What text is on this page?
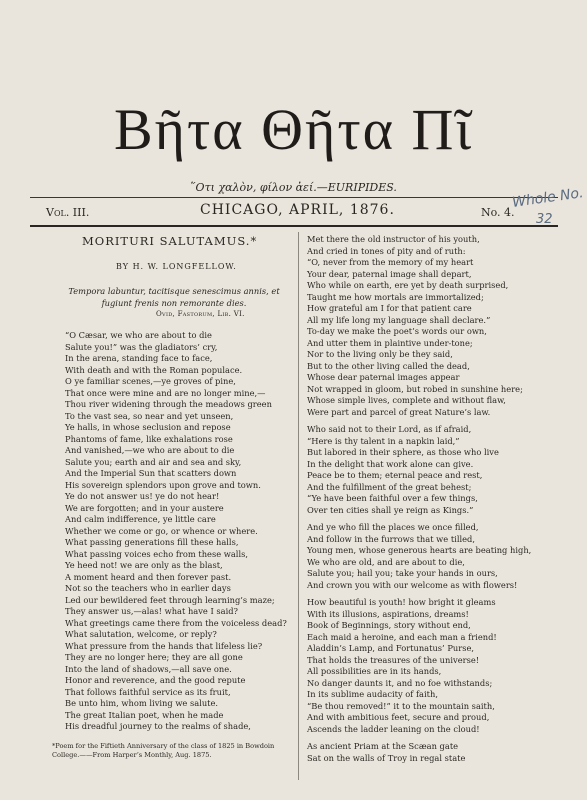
Βῆτα Θῆτα Πῖ
῞Οτι χαλὸν, φίλον ἀεί.—EURIPIDES.
Vol. III.	CHICAGO, APRIL, 1876.	No. 4.
Whole No.
32
MORITURI SALUTAMUS.*
BY H. W. LONGFELLOW.
Tempora labuntur, tacitisque senescimus annis, et fugiunt frenis non remorante dies.
Ovid, Fastorum, Lib. VI.
“O Cæsar, we who are about to die
Salute you!” was the gladiators’ cry,
In the arena, standing face to face,
With death and with the Roman populace.
O ye familiar scenes,—ye groves of pine,
That once were mine and are no longer mine,—
Thou river widening through the meadows green
To the vast sea, so near and yet unseen,
Ye halls, in whose seclusion and repose
Phantoms of fame, like exhalations rose
And vanished,—we who are about to die
Salute you; earth and air and sea and sky,
And the Imperial Sun that scatters down
His sovereign splendors upon grove and town.
Ye do not answer us! ye do not hear!
We are forgotten; and in your austere
And calm indifference, ye little care
Whether we come or go, or whence or where.
What passing generations fill these halls,
What passing voices echo from these walls,
Ye heed not! we are only as the blast,
A moment heard and then forever past.
Not so the teachers who in earlier days
Led our bewildered feet through learning’s maze;
They answer us,—alas! what have I said?
What greetings came there from the voiceless dead?
What salutation, welcome, or reply?
What pressure from the hands that lifeless lie?
They are no longer here; they are all gone
Into the land of shadows,—all save one.
Honor and reverence, and the good repute
That follows faithful service as its fruit,
Be unto him, whom living we salute.
The great Italian poet, when he made
His dreadful journey to the realms of shade,
Met there the old instructor of his youth,
And cried in tones of pity and of ruth:
“O, never from the memory of my heart
Your dear, paternal image shall depart,
Who while on earth, ere yet by death surprised,
Taught me how mortals are immortalized;
How grateful am I for that patient care
All my life long my language shall declare.”
To-day we make the poet’s words our own,
And utter them in plaintive under-tone;
Nor to the living only be they said,
But to the other living called the dead,
Whose dear paternal images appear
Not wrapped in gloom, but robed in sunshine here;
Whose simple lives, complete and without flaw,
Were part and parcel of great Nature’s law.
Who said not to their Lord, as if afraid,
“Here is thy talent in a napkin laid,”
But labored in their sphere, as those who live
In the delight that work alone can give.
Peace be to them; eternal peace and rest,
And the fulfillment of the great behest;
“Ye have been faithful over a few things,
Over ten cities shall ye reign as Kings.”
And ye who fill the places we once filled,
And follow in the furrows that we tilled,
Young men, whose generous hearts are beating high,
We who are old, and are about to die,
Salute you; hail you; take your hands in ours,
And crown you with our welcome as with flowers!
How beautiful is youth! how bright it gleams
With its illusions, aspirations, dreams!
Book of Beginnings, story without end,
Each maid a heroine, and each man a friend!
Aladdin’s Lamp, and Fortunatus’ Purse,
That holds the treasures of the universe!
All possibilities are in its hands,
No danger daunts it, and no foe withstands;
In its sublime audacity of faith,
“Be thou removed!” it to the mountain saith,
And with ambitious feet, secure and proud,
Ascends the ladder leaning on the cloud!
As ancient Priam at the Scæan gate
Sat on the walls of Troy in regal state
*Poem for the Fiftieth Anniversary of the class of 1825 in Bowdoin College.——From Harper’s Monthly, Aug. 1875.
